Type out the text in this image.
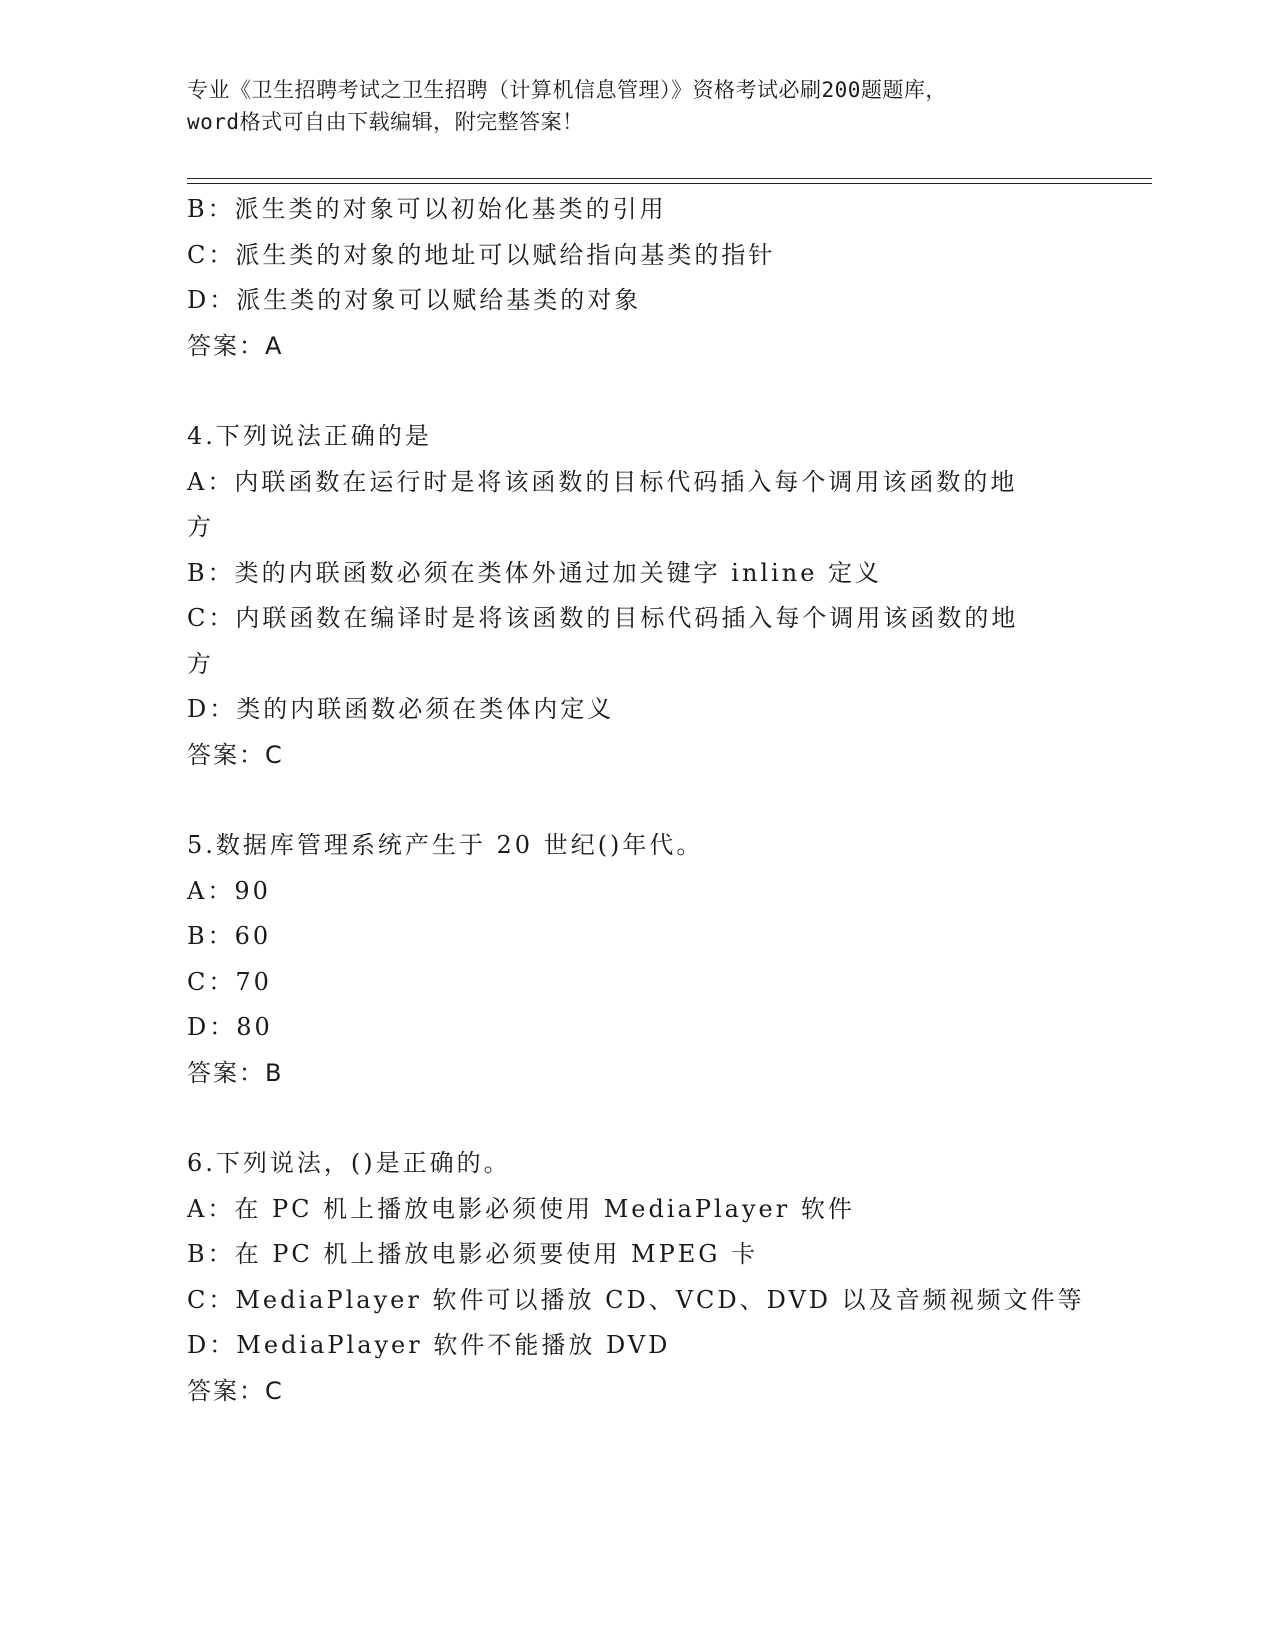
专业《卫生招聘考试之卫生招聘（计算机信息管理）》资格考试必刷200题题库，
word格式可自由下载编辑，附完整答案！
B：派生类的对象可以初始化基类的引用
C：派生类的对象的地址可以赋给指向基类的指针
D：派生类的对象可以赋给基类的对象
答案：A
4.下列说法正确的是
A：内联函数在运行时是将该函数的目标代码插入每个调用该函数的地
方
B：类的内联函数必须在类体外通过加关键字 inline 定义
C：内联函数在编译时是将该函数的目标代码插入每个调用该函数的地
方
D：类的内联函数必须在类体内定义
答案：C
5.数据库管理系统产生于 20 世纪()年代。
A：90
B：60
C：70
D：80
答案：B
6.下列说法，()是正确的。
A：在 PC 机上播放电影必须使用 MediaPlayer 软件
B：在 PC 机上播放电影必须要使用 MPEG 卡
C：MediaPlayer 软件可以播放 CD、VCD、DVD 以及音频视频文件等
D：MediaPlayer 软件不能播放 DVD
答案：C
